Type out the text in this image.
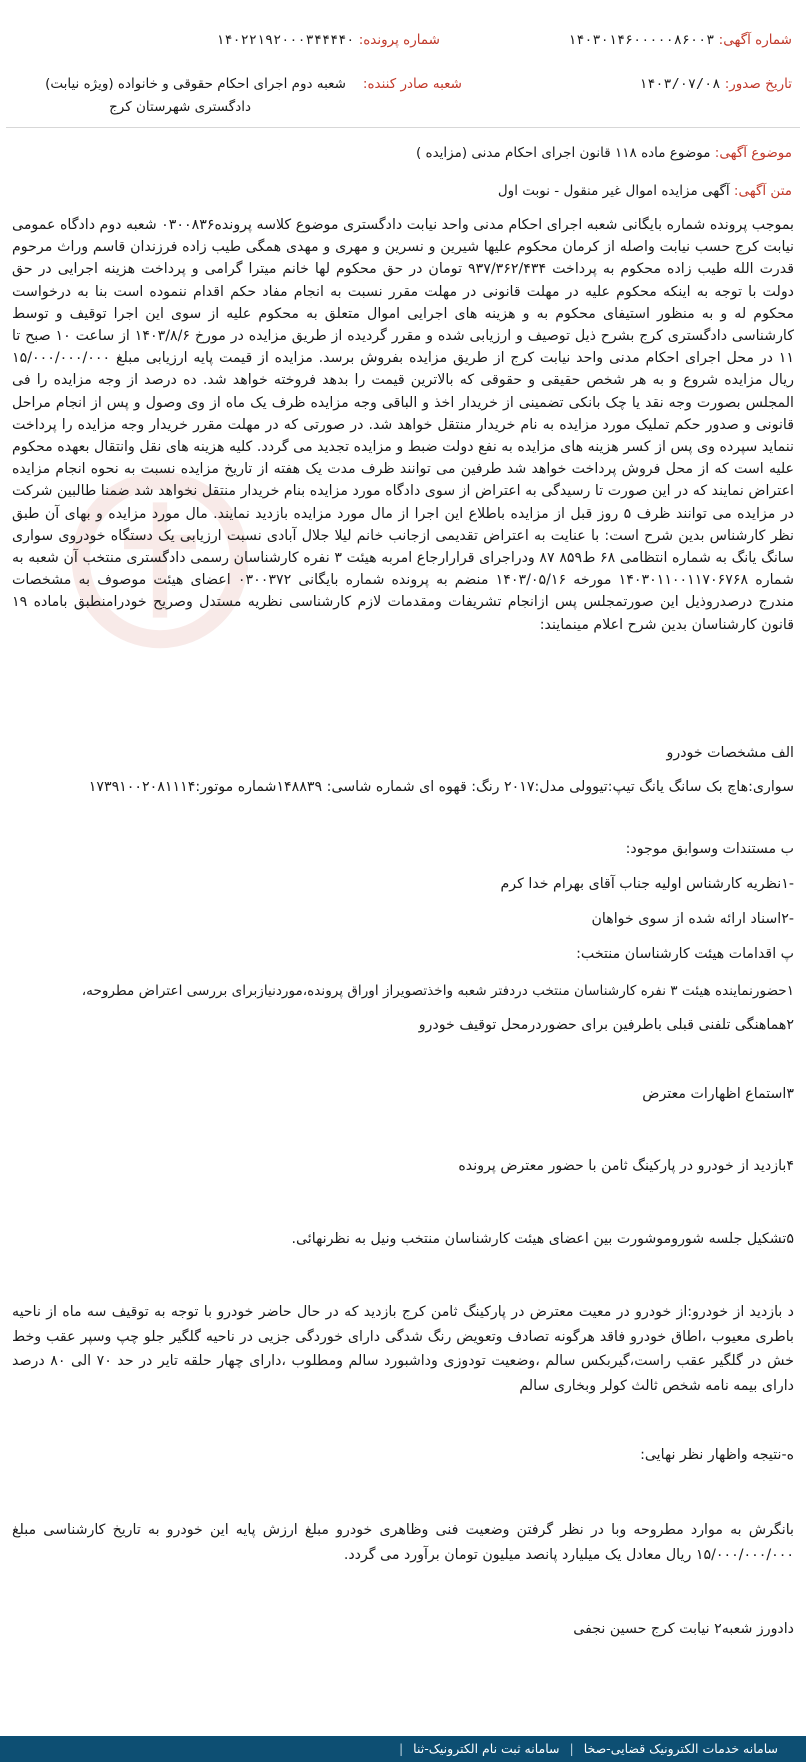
شماره آگهی: ۱۴۰۳۰۱۴۶۰۰۰۰۰۸۶۰۰۳
شماره پرونده: ۱۴۰۲۲۱۹۲۰۰۰۳۴۴۴۴۰
تاریخ صدور: ۱۴۰۳/۰۷/۰۸
شعبه صادر کننده:
شعبه دوم اجرای احکام حقوقی و خانواده (ویژه نیابت)
دادگستری شهرستان کرج
موضوع آگهی: موضوع ماده ۱۱۸ قانون اجرای احکام مدنی (مزایده )
متن آگهی: آگهی مزایده اموال غیر منقول - نوبت اول
بموجب پرونده شماره بایگانی شعبه اجرای احکام مدنی واحد نیابت دادگستری موضوع کلاسه پرونده۰۳۰۰۸۳۶ شعبه دوم دادگاه عمومی نیابت کرج حسب نیابت واصله از کرمان محکوم علیها شیرین و نسرین و مهری و مهدی همگی طیب زاده فرزندان قاسم وراث مرحوم قدرت الله طیب زاده محکوم به پرداخت ۹۳۷/۳۶۲/۴۳۴ تومان در حق محکوم لها خانم میترا گرامی و پرداخت هزینه اجرایی در حق دولت با توجه به اینکه محکوم علیه در مهلت قانونی در مهلت مقرر نسبت به انجام مفاد حکم اقدام ننموده است بنا به درخواست محکوم له و به منظور استیفای محکوم به و هزینه های اجرایی اموال متعلق به محکوم علیه از سوی این اجرا توقیف و توسط کارشناسی دادگستری کرج بشرح ذیل توصیف و ارزیابی شده و مقرر گردیده از طریق مزایده در مورخ ۱۴۰۳/۸/۶ از ساعت ۱۰ صبح تا ۱۱ در محل اجرای احکام مدنی واحد نیابت کرج از طریق مزایده بفروش برسد. مزایده از قیمت پایه ارزیابی مبلغ ۱۵/۰۰۰/۰۰۰/۰۰۰ ریال مزایده شروع و به هر شخص حقیقی و حقوقی که بالاترین قیمت را بدهد فروخته خواهد شد. ده درصد از وجه مزایده را فی المجلس بصورت وجه نقد یا چک بانکی تضمینی از خریدار اخذ و الباقی وجه مزایده ظرف یک ماه از وی وصول و پس از انجام مراحل قانونی و صدور حکم تملیک مورد مزایده به نام خریدار منتقل خواهد شد. در صورتی که در مهلت مقرر خریدار وجه مزایده را پرداخت ننماید سپرده وی پس از کسر هزینه های مزایده به نفع دولت ضبط و مزایده تجدید می گردد. کلیه هزینه های نقل وانتقال بعهده محکوم علیه است که از محل فروش پرداخت خواهد شد طرفین می توانند ظرف مدت یک هفته از تاریخ مزایده نسبت به نحوه انجام مزایده اعتراض نمایند که در این صورت تا رسیدگی به اعتراض از سوی دادگاه مورد مزایده بنام خریدار منتقل نخواهد شد ضمنا طالبین شرکت در مزایده می توانند ظرف ۵ روز قبل از مزایده باطلاع این اجرا از مال مورد مزایده بازدید نمایند. مال مورد مزایده و بهای آن طبق نظر کارشناس بدین شرح است: با عنایت به اعتراض تقدیمی ازجانب خانم لیلا جلال آبادی نسبت ارزیابی یک دستگاه خودروی سواری سانگ یانگ به شماره انتظامی ۶۸ ط۸۵۹ ۸۷ ودراجرای قرارارجاع امربه هیئت ۳ نفره کارشناسان رسمی دادگستری منتخب آن شعبه به شماره ۱۴۰۳۰۱۱۰۰۱۱۷۰۶۷۶۸ مورخه ۱۴۰۳/۰۵/۱۶ منضم به پرونده شماره بایگانی ۰۳۰۰۳۷۲ اعضای هیئت موصوف به مشخصات مندرج درصدروذیل این صورتمجلس پس ازانجام تشریفات ومقدمات لازم کارشناسی نظریه مستدل وصریح خودرامنطبق باماده ۱۹ قانون کارشناسان بدین شرح اعلام مینمایند:
الف مشخصات خودرو
سواری:هاچ بک سانگ یانگ تیپ:تیوولی مدل:۲۰۱۷ رنگ: قهوه ای شماره شاسی: ۱۴۸۸۳۹شماره موتور:۱۷۳۹۱۰۰۲۰۸۱۱۱۴
ب مستندات وسوابق موجود:
-۱نظریه کارشناس اولیه جناب آقای بهرام خدا کرم
-۲اسناد ارائه شده از سوی خواهان
پ اقدامات هیئت کارشناسان منتخب:
۱حضورنماینده هیئت ۳ نفره کارشناسان منتخب دردفتر شعبه واخذتصویراز اوراق پرونده،موردنیازبرای بررسی اعتراض مطروحه،
۲هماهنگی تلفنی قبلی باطرفین برای حضوردرمحل توقیف خودرو
۳استماع اظهارات معترض
۴بازدید از خودرو در پارکینگ ثامن با حضور معترض پرونده
۵تشکیل جلسه شوروموشورت بین اعضای هیئت کارشناسان منتخب ونیل به نظرنهائی.
د بازدید از خودرو:از خودرو در معیت معترض در پارکینگ ثامن کرج بازدید که در حال حاضر خودرو با توجه به توقیف سه ماه از ناحیه باطری معیوب ،اطاق خودرو فاقد هرگونه تصادف وتعویض رنگ شدگی دارای خوردگی جزیی در ناحیه گلگیر جلو چپ وسپر عقب وخط خش در گلگیر عقب راست،گیربکس سالم ،وضعیت تودوزی وداشبورد سالم ومطلوب ،دارای چهار حلقه تایر در حد ۷۰ الی ۸۰ درصد دارای بیمه نامه شخص ثالث کولر وبخاری سالم
ه-نتیجه واظهار نظر نهایی:
بانگرش به موارد مطروحه وبا در نظر گرفتن وضعیت فنی وظاهری خودرو مبلغ ارزش پایه این خودرو به تاریخ کارشناسی مبلغ ۱۵/۰۰۰/۰۰۰/۰۰۰ ریال معادل یک میلیارد پانصد میلیون تومان برآورد می گردد.
دادورز شعبه۲ نیابت کرج حسین نجفی
سامانه خدمات الکترونیک قضایی-صخا | سامانه ثبت نام الکترونیک-ثنا |
